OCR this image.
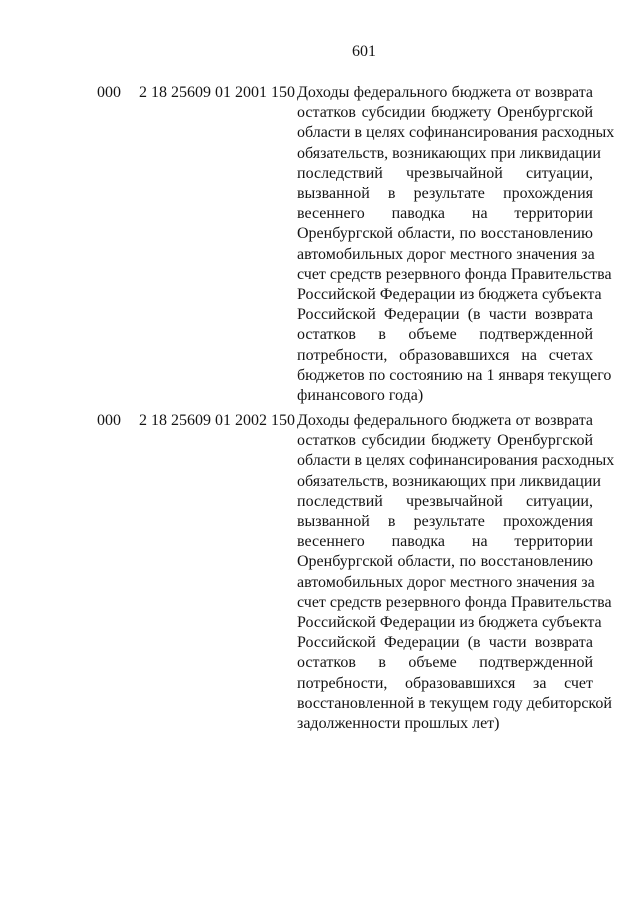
601
000 2 18 25609 01 2001 150 Доходы федерального бюджета от возврата
остатков субсидии бюджету Оренбургской
области в целях софинансирования расходных
обязательств, возникающих при ликвидации
последствий чрезвычайной ситуации,
вызванной в результате прохождения
весеннего паводка на территории
Оренбургской области, по восстановлению
автомобильных дорог местного значения за
счет средств резервного фонда Правительства
Российской Федерации из бюджета субъекта
Российской Федерации (в части возврата
остатков в объеме подтвержденной
потребности, образовавшихся на счетах
бюджетов по состоянию на 1 января текущего
финансового года)
000 2 18 25609 01 2002 150 Доходы федерального бюджета от возврата
остатков субсидии бюджету Оренбургской
области в целях софинансирования расходных
обязательств, возникающих при ликвидации
последствий чрезвычайной ситуации,
вызванной в результате прохождения
весеннего паводка на территории
Оренбургской области, по восстановлению
автомобильных дорог местного значения за
счет средств резервного фонда Правительства
Российской Федерации из бюджета субъекта
Российской Федерации (в части возврата
остатков в объеме подтвержденной
потребности, образовавшихся за счет
восстановленной в текущем году дебиторской
задолженности прошлых лет)
